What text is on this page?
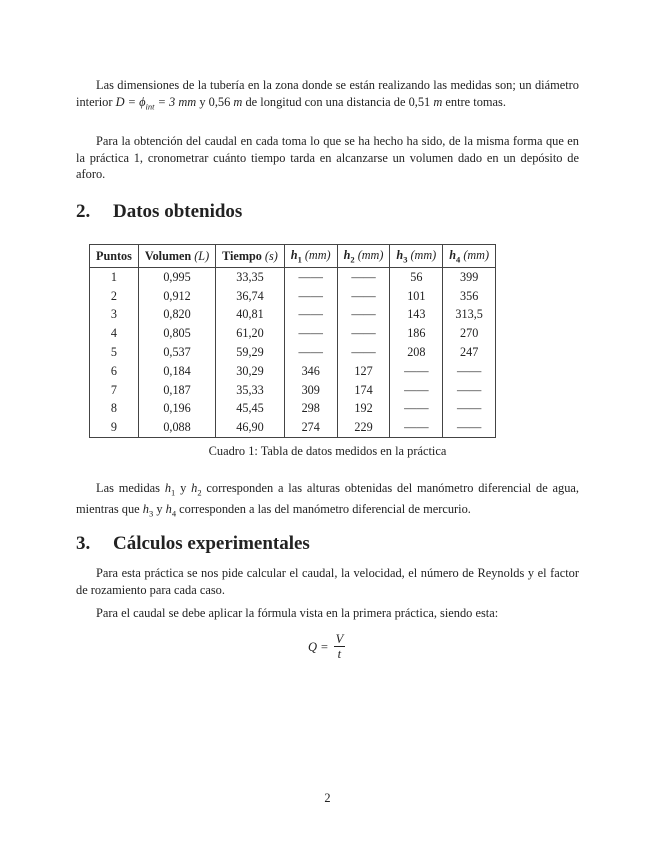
Las dimensiones de la tubería en la zona donde se están realizando las medidas son; un diámetro interior $D = \phi_{int} = 3$ mm y 0,56 m de longitud con una distancia de 0,51 m entre tomas.

Para la obtención del caudal en cada toma lo que se ha hecho ha sido, de la misma forma que en la práctica 1, cronometrar cuánto tiempo tarda en alcanzarse un volumen dado en un depósito de aforo.

2. Datos obtenidos
Puntos	Volumen (L)	Tiempo (s)	$h_1$ (mm)	$h_2$ (mm)	$h_3$ (mm)	$h_4$ (mm)
1	0,995	33,35	——	——	56	399
2	0,912	36,74	——	——	101	356
3	0,820	40,81	——	——	143	313,5
4	0,805	61,20	——	——	186	270
5	0,537	59,29	——	——	208	247
6	0,184	30,29	346	127	——	——
7	0,187	35,33	309	174	——	——
8	0,196	45,45	298	192	——	——
9	0,088	46,90	274	229	——	——
Cuadro 1: Tabla de datos medidos en la práctica

Las medidas $h_1$ y $h_2$ corresponden a las alturas obtenidas del manómetro diferencial de agua, mientras que $h_3$ y $h_4$ corresponden a las del manómetro diferencial de mercurio.

3. Cálculos experimentales

Para esta práctica se nos pide calcular el caudal, la velocidad, el número de Reynolds y el factor de rozamiento para cada caso.

Para el caudal se debe aplicar la fórmula vista en la primera práctica, siendo esta:

$Q = \frac{V}{t}$
2
